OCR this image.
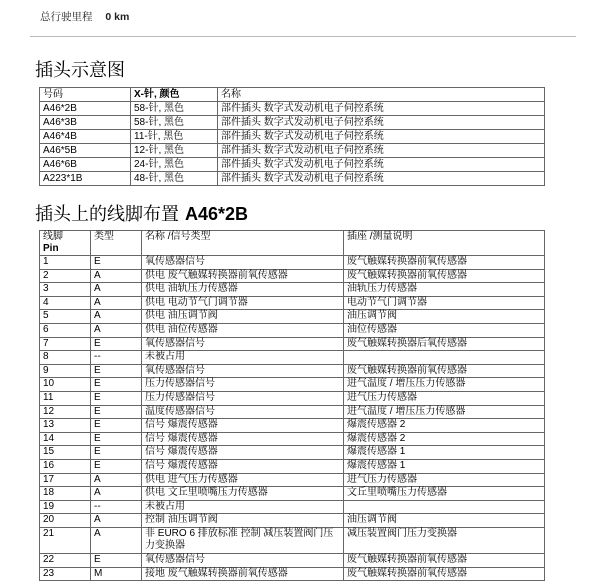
总行驶里程 0 km
插头示意图
号码	X-针, 颜色	名称
A46*2B	58-针, 黑色	部件插头 数字式发动机电子伺控系统
A46*3B	58-针, 黑色	部件插头 数字式发动机电子伺控系统
A46*4B	11-针, 黑色	部件插头 数字式发动机电子伺控系统
A46*5B	12-针, 黑色	部件插头 数字式发动机电子伺控系统
A46*6B	24-针, 黑色	部件插头 数字式发动机电子伺控系统
A223*1B	48-针, 黑色	部件插头 数字式发动机电子伺控系统
插头上的线脚布置 A46*2B
线脚
Pin	类型	名称 /信号类型	插座 /测量说明
1	E	氧传感器信号	废气触媒转换器前氧传感器
2	A	供电 废气触媒转换器前氧传感器	废气触媒转换器前氧传感器
3	A	供电 油轨压力传感器	油轨压力传感器
4	A	供电 电动节气门调节器	电动节气门调节器
5	A	供电 油压调节阀	油压调节阀
6	A	供电 油位传感器	油位传感器
7	E	氧传感器信号	废气触媒转换器后氧传感器
8	--	未被占用	
9	E	氧传感器信号	废气触媒转换器前氧传感器
10	E	压力传感器信号	进气温度 / 增压压力传感器
11	E	压力传感器信号	进气压力传感器
12	E	温度传感器信号	进气温度 / 增压压力传感器
13	E	信号 爆震传感器	爆震传感器 2
14	E	信号 爆震传感器	爆震传感器 2
15	E	信号 爆震传感器	爆震传感器 1
16	E	信号 爆震传感器	爆震传感器 1
17	A	供电 进气压力传感器	进气压力传感器
18	A	供电 文丘里喷嘴压力传感器	文丘里喷嘴压力传感器
19	--	未被占用	
20	A	控制 油压调节阀	油压调节阀
21	A	非 EURO 6 排放标准 控制 减压装置阀门压力变换器	减压装置阀门压力变换器
22	E	氧传感器信号	废气触媒转换器前氧传感器
23	M	接地 废气触媒转换器前氧传感器	废气触媒转换器前氧传感器
